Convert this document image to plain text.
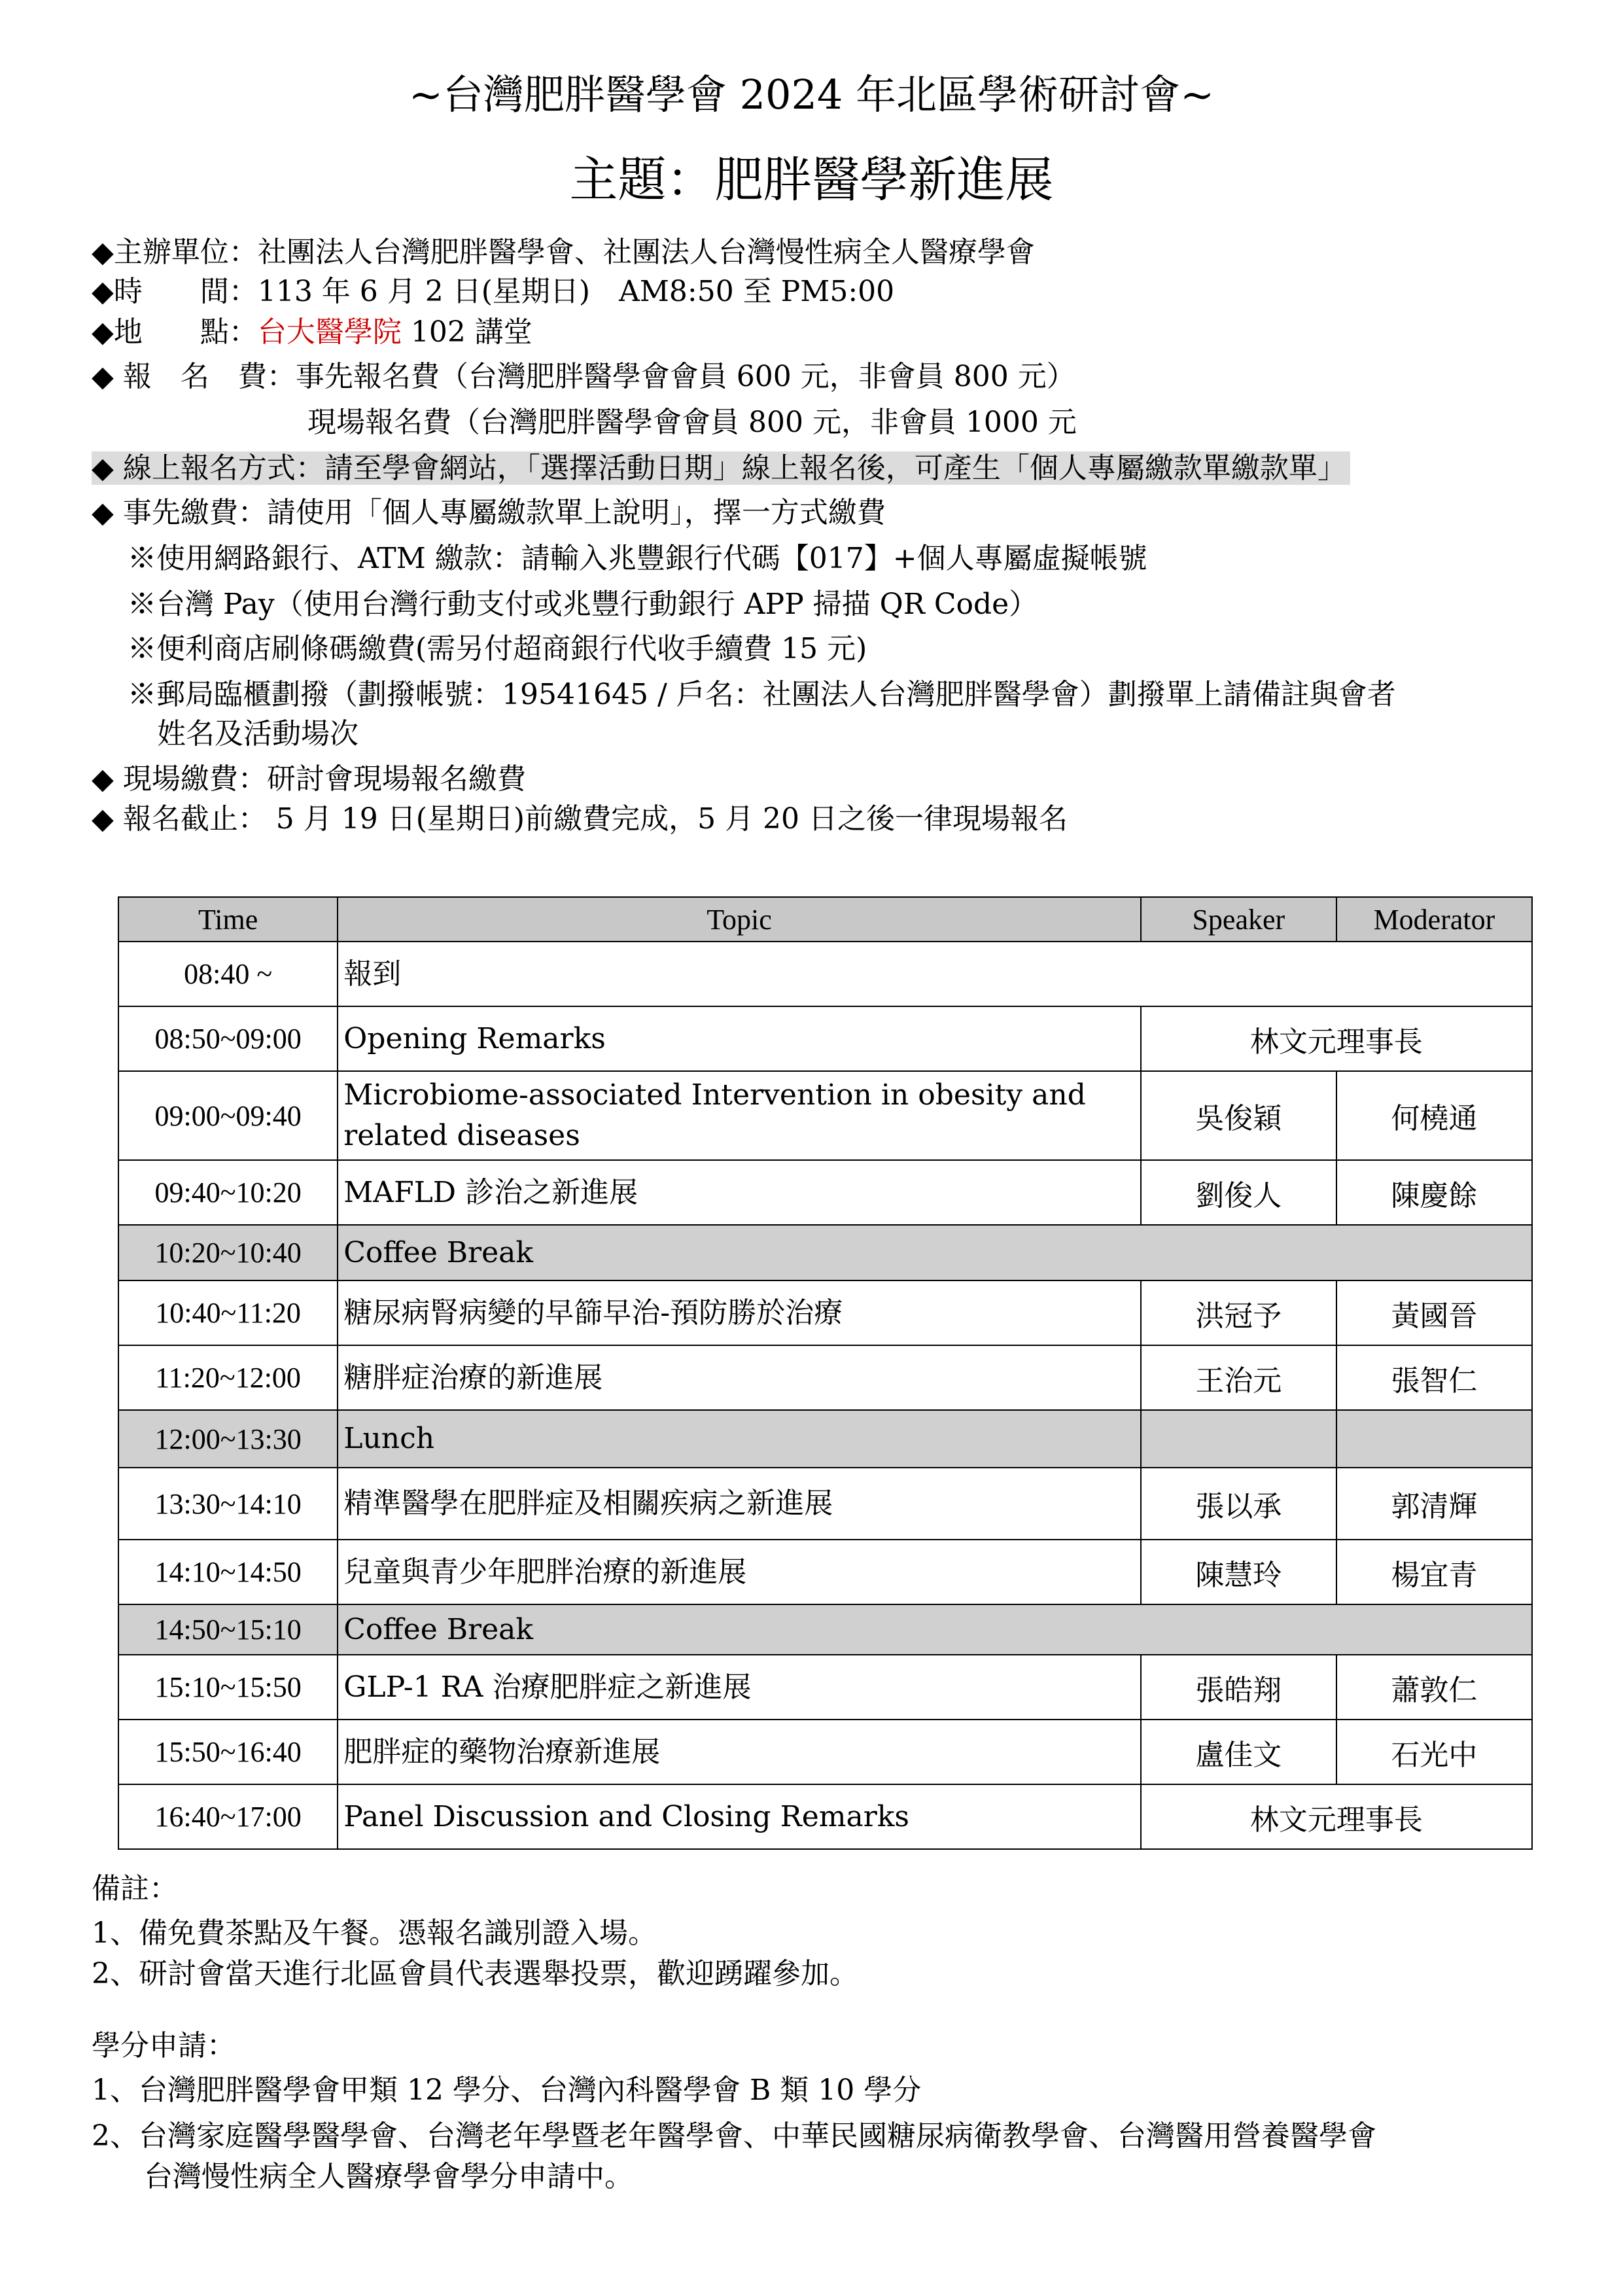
~台灣肥胖醫學會 2024 年北區學術研討會~
主題：肥胖醫學新進展
◆主辦單位：社團法人台灣肥胖醫學會、社團法人台灣慢性病全人醫療學會
◆時　　間：113 年 6 月 2 日(星期日)　AM8:50 至 PM5:00
◆地　　點：台大醫學院 102 講堂
◆ 報　名　費：事先報名費（台灣肥胖醫學會會員 600 元，非會員 800 元）
現場報名費（台灣肥胖醫學會會員 800 元，非會員 1000 元
◆ 線上報名方式：請至學會網站，「選擇活動日期」線上報名後，可產生「個人專屬繳款單繳款單」
◆ 事先繳費：請使用「個人專屬繳款單上說明」，擇一方式繳費
※使用網路銀行、ATM 繳款：請輸入兆豐銀行代碼【017】+個人專屬虛擬帳號
※台灣 Pay（使用台灣行動支付或兆豐行動銀行 APP 掃描 QR Code）
※便利商店刷條碼繳費(需另付超商銀行代收手續費 15 元)
※郵局臨櫃劃撥（劃撥帳號：19541645 / 戶名：社團法人台灣肥胖醫學會）劃撥單上請備註與會者
姓名及活動場次
◆ 現場繳費：研討會現場報名繳費
◆ 報名截止： 5 月 19 日(星期日)前繳費完成，5 月 20 日之後一律現場報名
Time	Topic	Speaker	Moderator
08:40 ~	報到		
08:50~09:00	Opening Remarks	林文元理事長	
09:00~09:40	Microbiome-associated Intervention in obesity and related diseases	吳俊穎	何橈通
09:40~10:20	MAFLD 診治之新進展	劉俊人	陳慶餘
10:20~10:40	Coffee Break		
10:40~11:20	糖尿病腎病變的早篩早治-預防勝於治療	洪冠予	黃國晉
11:20~12:00	糖胖症治療的新進展	王治元	張智仁
12:00~13:30	Lunch		
13:30~14:10	精準醫學在肥胖症及相關疾病之新進展	張以承	郭清輝
14:10~14:50	兒童與青少年肥胖治療的新進展	陳慧玲	楊宜青
14:50~15:10	Coffee Break		
15:10~15:50	GLP-1 RA 治療肥胖症之新進展	張皓翔	蕭敦仁
15:50~16:40	肥胖症的藥物治療新進展	盧佳文	石光中
16:40~17:00	Panel Discussion and Closing Remarks	林文元理事長	
備註：
1、備免費茶點及午餐。憑報名識別證入場。
2、研討會當天進行北區會員代表選舉投票，歡迎踴躍參加。
學分申請：
1、台灣肥胖醫學會甲類 12 學分、台灣內科醫學會 B 類 10 學分
2、台灣家庭醫學醫學會、台灣老年學暨老年醫學會、中華民國糖尿病衛教學會、台灣醫用營養醫學會
台灣慢性病全人醫療學會學分申請中。
